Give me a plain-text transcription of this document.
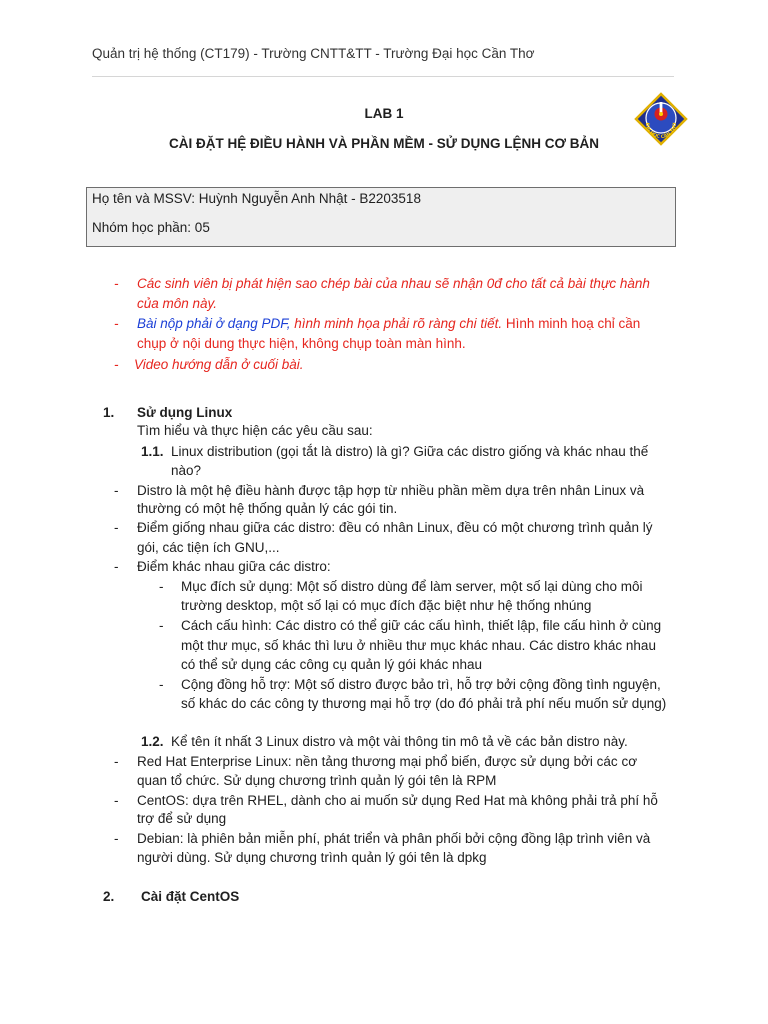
Quản trị hệ thống (CT179) - Trường CNTT&TT - Trường Đại học Cần Thơ
ĐẠI HỌC CẦN THƠ
LAB 1
CÀI ĐẶT HỆ ĐIỀU HÀNH VÀ PHẦN MỀM - SỬ DỤNG LỆNH CƠ BẢN
Họ tên và MSSV: Huỳnh Nguyễn Anh Nhật - B2203518
Nhóm học phần: 05
- Các sinh viên bị phát hiện sao chép bài của nhau sẽ nhận 0đ cho tất cả bài thực hành
của môn này.
- Bài nộp phải ở dạng PDF, hình minh họa phải rõ ràng chi tiết. Hình minh hoạ chỉ cần
chụp ở nội dung thực hiện, không chụp toàn màn hình.
- Video hướng dẫn ở cuối bài.
1. Sử dụng Linux
Tìm hiểu và thực hiện các yêu cầu sau:
1.1. Linux distribution (gọi tắt là distro) là gì? Giữa các distro giống và khác nhau thế
nào?
- Distro là một hệ điều hành được tập hợp từ nhiều phần mềm dựa trên nhân Linux và
thường có một hệ thống quản lý các gói tin.
- Điểm giống nhau giữa các distro: đều có nhân Linux, đều có một chương trình quản lý
gói, các tiện ích GNU,...
- Điểm khác nhau giữa các distro:
- Mục đích sử dụng: Một số distro dùng để làm server, một số lại dùng cho môi
trường desktop, một số lại có mục đích đặc biệt như hệ thống nhúng
- Cách cấu hình: Các distro có thể giữ các cấu hình, thiết lập, file cấu hình ở cùng
một thư mục, số khác thì lưu ở nhiều thư mục khác nhau. Các distro khác nhau
có thể sử dụng các công cụ quản lý gói khác nhau
- Cộng đồng hỗ trợ: Một số distro được bảo trì, hỗ trợ bởi cộng đồng tình nguyện,
số khác do các công ty thương mại hỗ trợ (do đó phải trả phí nếu muốn sử dụng)
1.2. Kể tên ít nhất 3 Linux distro và một vài thông tin mô tả về các bản distro này.
- Red Hat Enterprise Linux: nền tảng thương mại phổ biến, được sử dụng bởi các cơ
quan tổ chức. Sử dụng chương trình quản lý gói tên là RPM
- CentOS: dựa trên RHEL, dành cho ai muốn sử dụng Red Hat mà không phải trả phí hỗ
trợ để sử dụng
- Debian: là phiên bản miễn phí, phát triển và phân phối bởi cộng đồng lập trình viên và
người dùng. Sử dụng chương trình quản lý gói tên là dpkg
2. Cài đặt CentOS
